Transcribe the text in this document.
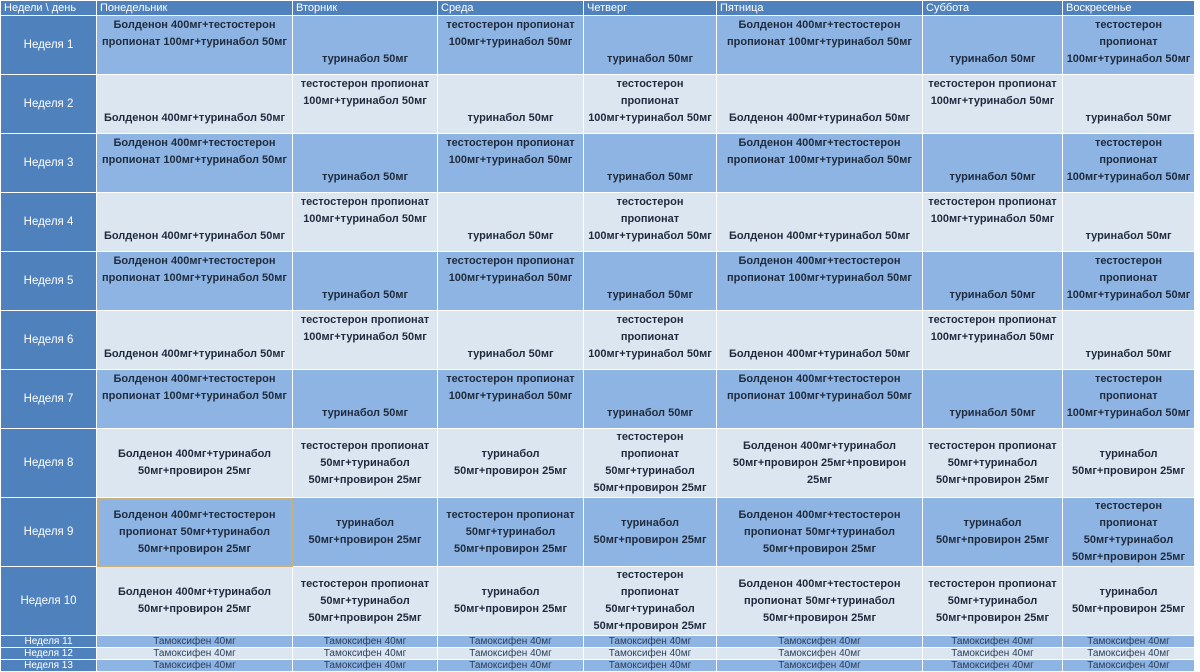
Недели \ день	Понедельник	Вторник	Среда	Четверг	Пятница	Суббота	Воскресенье
Неделя 1	Болденон 400мг+тестостерон пропионат 100мг+туринабол 50мг	туринабол 50мг	тестостерон пропионат 100мг+туринабол 50мг	туринабол 50мг	Болденон 400мг+тестостерон пропионат 100мг+туринабол 50мг	туринабол 50мг	тестостерон пропионат 100мг+туринабол 50мг
Неделя 2	Болденон 400мг+туринабол 50мг	тестостерон пропионат 100мг+туринабол 50мг	туринабол 50мг	тестостерон пропионат 100мг+туринабол 50мг	Болденон 400мг+туринабол 50мг	тестостерон пропионат 100мг+туринабол 50мг	туринабол 50мг
Неделя 3	Болденон 400мг+тестостерон пропионат 100мг+туринабол 50мг	туринабол 50мг	тестостерон пропионат 100мг+туринабол 50мг	туринабол 50мг	Болденон 400мг+тестостерон пропионат 100мг+туринабол 50мг	туринабол 50мг	тестостерон пропионат 100мг+туринабол 50мг
Неделя 4	Болденон 400мг+туринабол 50мг	тестостерон пропионат 100мг+туринабол 50мг	туринабол 50мг	тестостерон пропионат 100мг+туринабол 50мг	Болденон 400мг+туринабол 50мг	тестостерон пропионат 100мг+туринабол 50мг	туринабол 50мг
Неделя 5	Болденон 400мг+тестостерон пропионат 100мг+туринабол 50мг	туринабол 50мг	тестостерон пропионат 100мг+туринабол 50мг	туринабол 50мг	Болденон 400мг+тестостерон пропионат 100мг+туринабол 50мг	туринабол 50мг	тестостерон пропионат 100мг+туринабол 50мг
Неделя 6	Болденон 400мг+туринабол 50мг	тестостерон пропионат 100мг+туринабол 50мг	туринабол 50мг	тестостерон пропионат 100мг+туринабол 50мг	Болденон 400мг+туринабол 50мг	тестостерон пропионат 100мг+туринабол 50мг	туринабол 50мг
Неделя 7	Болденон 400мг+тестостерон пропионат 100мг+туринабол 50мг	туринабол 50мг	тестостерон пропионат 100мг+туринабол 50мг	туринабол 50мг	Болденон 400мг+тестостерон пропионат 100мг+туринабол 50мг	туринабол 50мг	тестостерон пропионат 100мг+туринабол 50мг
Неделя 8	Болденон 400мг+туринабол 50мг+провирон 25мг	тестостерон пропионат 50мг+туринабол 50мг+провирон 25мг	туринабол 50мг+провирон 25мг	тестостерон пропионат 50мг+туринабол 50мг+провирон 25мг	Болденон 400мг+туринабол 50мг+провирон 25мг+провирон 25мг	тестостерон пропионат 50мг+туринабол 50мг+провирон 25мг	туринабол 50мг+провирон 25мг
Неделя 9	Болденон 400мг+тестостерон пропионат 50мг+туринабол 50мг+провирон 25мг	туринабол 50мг+провирон 25мг	тестостерон пропионат 50мг+туринабол 50мг+провирон 25мг	туринабол 50мг+провирон 25мг	Болденон 400мг+тестостерон пропионат 50мг+туринабол 50мг+провирон 25мг	туринабол 50мг+провирон 25мг	тестостерон пропионат 50мг+туринабол 50мг+провирон 25мг
Неделя 10	Болденон 400мг+туринабол 50мг+провирон 25мг	тестостерон пропионат 50мг+туринабол 50мг+провирон 25мг	туринабол 50мг+провирон 25мг	тестостерон пропионат 50мг+туринабол 50мг+провирон 25мг	Болденон 400мг+тестостерон пропионат 50мг+туринабол 50мг+провирон 25мг	тестостерон пропионат 50мг+туринабол 50мг+провирон 25мг	туринабол 50мг+провирон 25мг
Неделя 11	Тамоксифен 40мг	Тамоксифен 40мг	Тамоксифен 40мг	Тамоксифен 40мг	Тамоксифен 40мг	Тамоксифен 40мг	Тамоксифен 40мг
Неделя 12	Тамоксифен 40мг	Тамоксифен 40мг	Тамоксифен 40мг	Тамоксифен 40мг	Тамоксифен 40мг	Тамоксифен 40мг	Тамоксифен 40мг
Неделя 13	Тамоксифен 40мг	Тамоксифен 40мг	Тамоксифен 40мг	Тамоксифен 40мг	Тамоксифен 40мг	Тамоксифен 40мг	Тамоксифен 40мг
